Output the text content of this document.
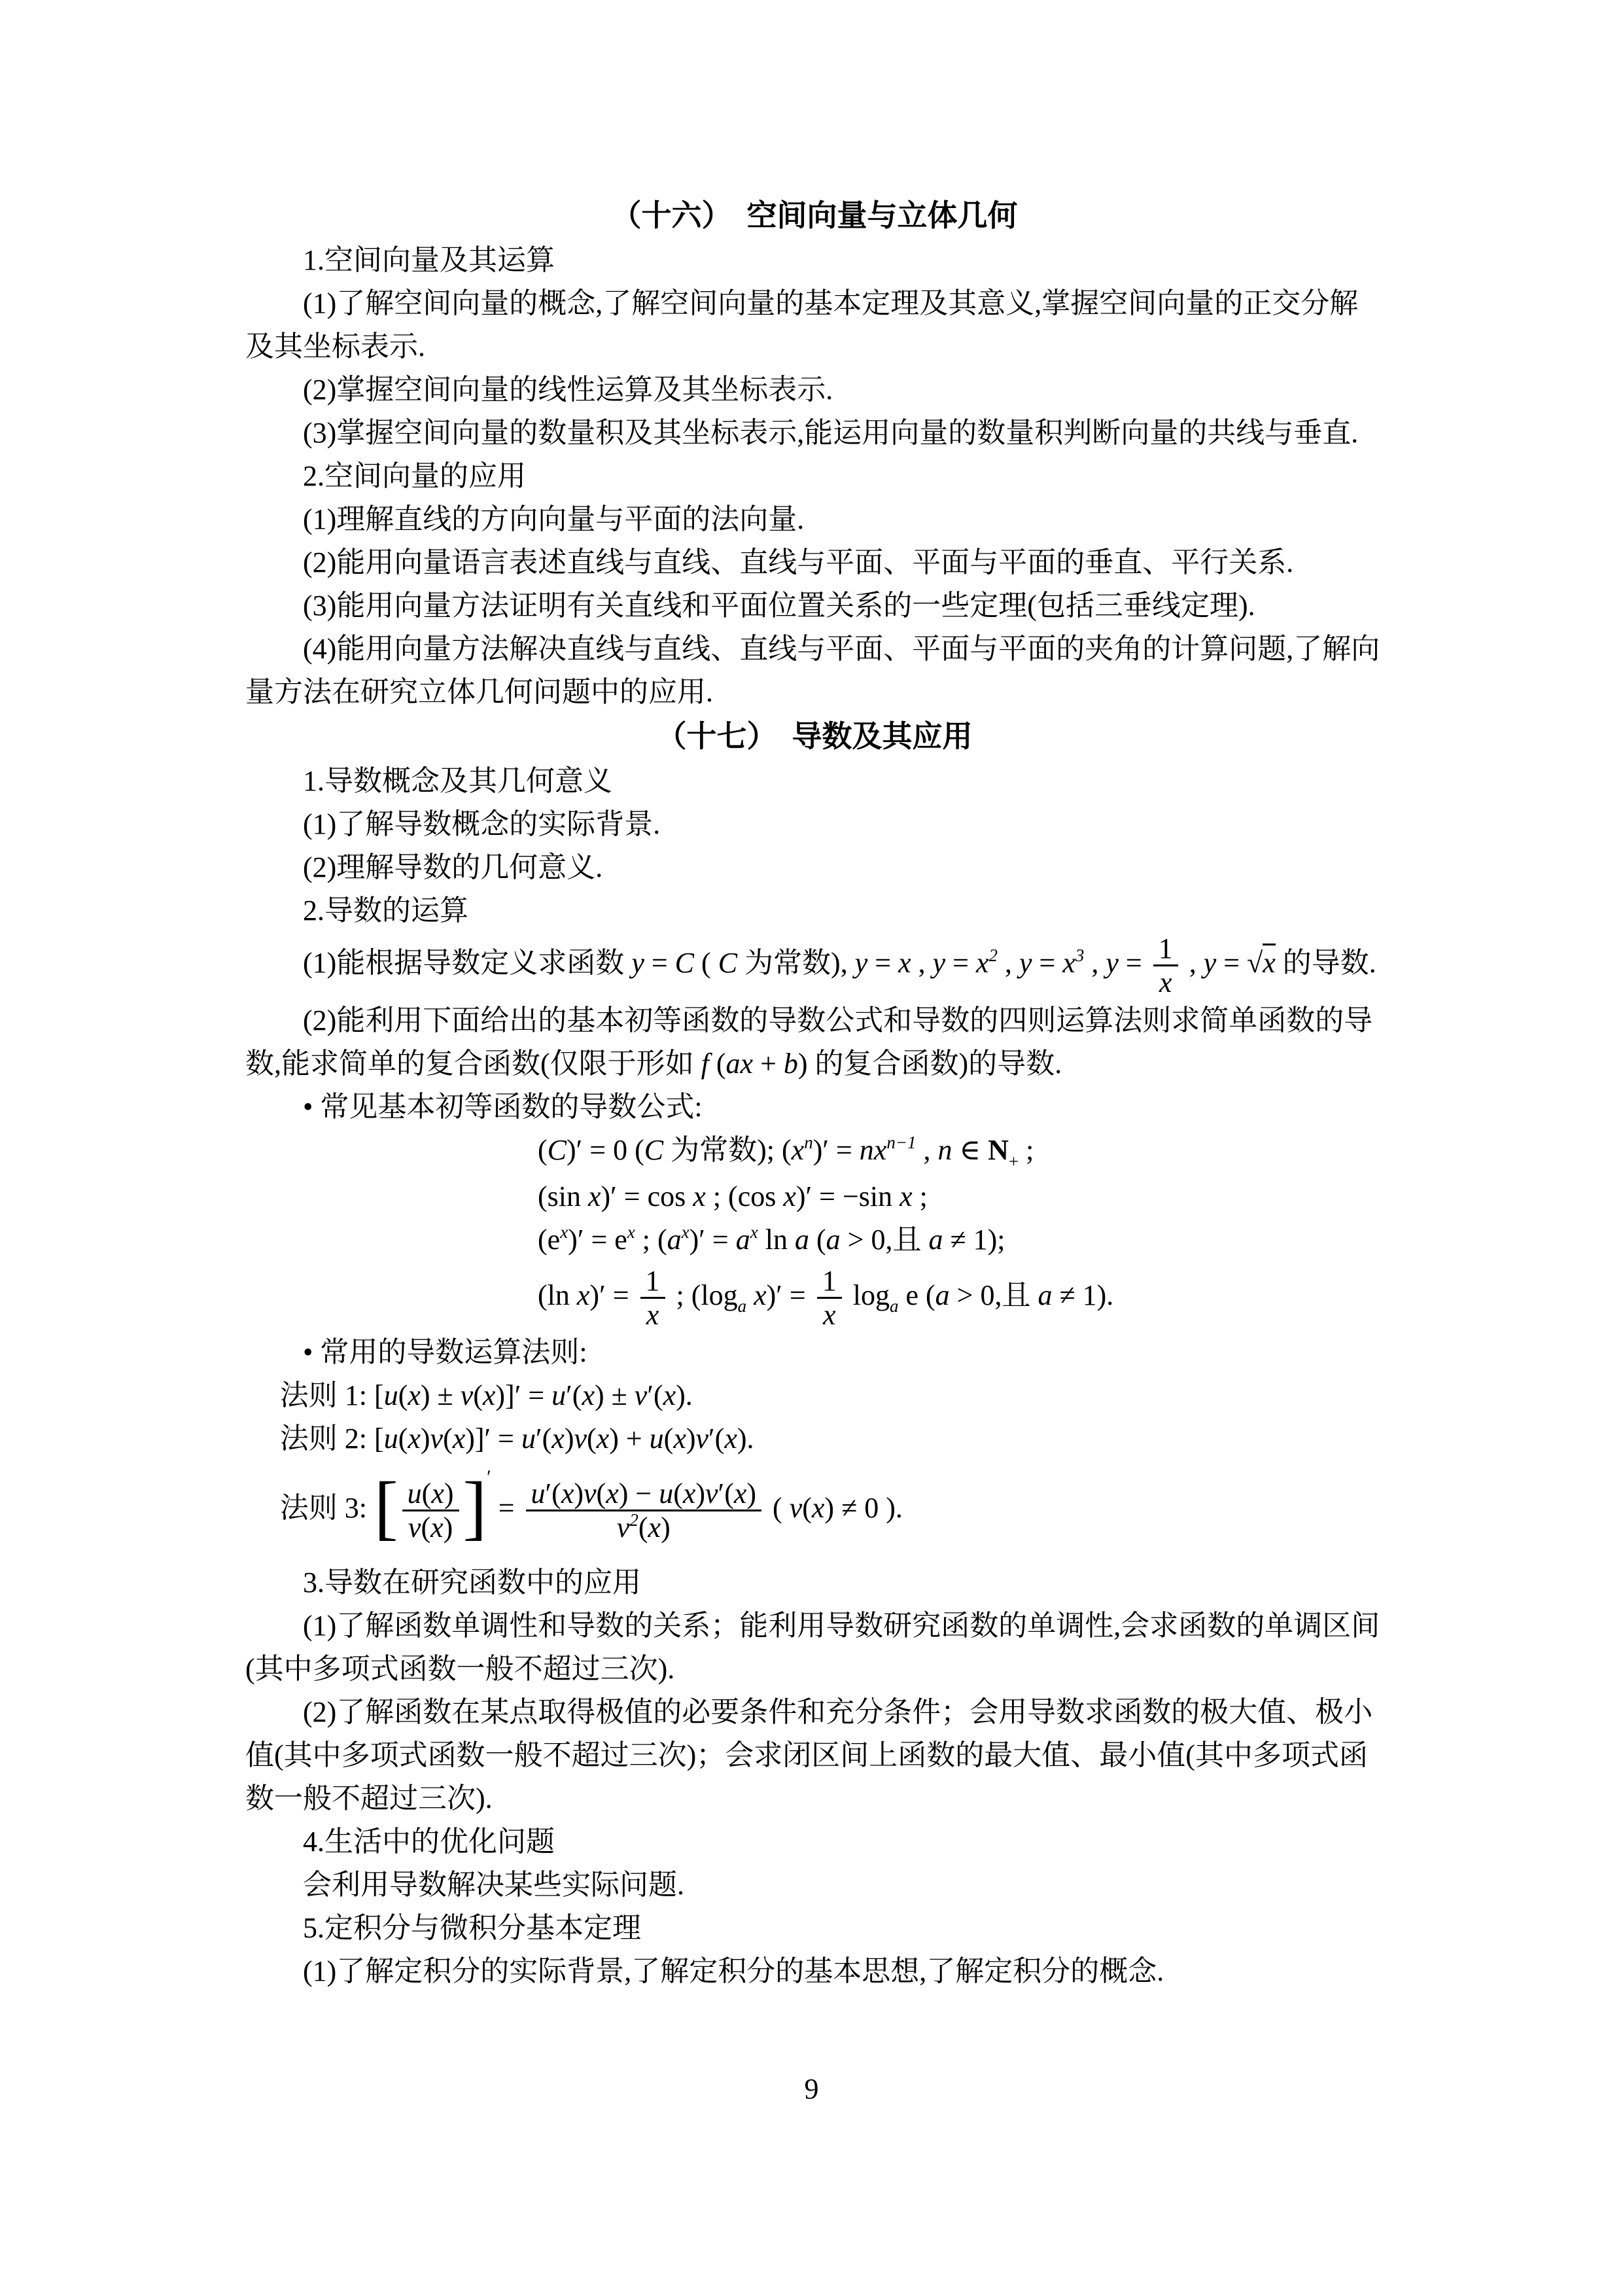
（十六）　空间向量与立体几何
1.空间向量及其运算
(1)了解空间向量的概念,了解空间向量的基本定理及其意义,掌握空间向量的正交分解及其坐标表示.
(2)掌握空间向量的线性运算及其坐标表示.
(3)掌握空间向量的数量积及其坐标表示,能运用向量的数量积判断向量的共线与垂直.
2.空间向量的应用
(1)理解直线的方向向量与平面的法向量.
(2)能用向量语言表述直线与直线、直线与平面、平面与平面的垂直、平行关系.
(3)能用向量方法证明有关直线和平面位置关系的一些定理(包括三垂线定理).
(4)能用向量方法解决直线与直线、直线与平面、平面与平面的夹角的计算问题,了解向量方法在研究立体几何问题中的应用.
（十七）　导数及其应用
1.导数概念及其几何意义
(1)了解导数概念的实际背景.
(2)理解导数的几何意义.
2.导数的运算
(1)能根据导数定义求函数 y = C ( C 为常数), y = x , $y = x^2$ , $y = x^3$ , $y = \frac{1}{x}$ , y = √x 的导数.
(2)能利用下面给出的基本初等函数的导数公式和导数的四则运算法则求简单函数的导数,能求简单的复合函数(仅限于形如 f (ax + b) 的复合函数)的导数.
• 常见基本初等函数的导数公式:
(C)′ = 0 (C 为常数); $(x^n)' = nx^{n-1}$ , n ∈ $N_+$ ;
(sin x)′ = cos x ; (cos x)′ = −sin x ;
$(e^x)' = e^x$ ; $(a^x)' = a^x$ ln a (a > 0,且 a ≠ 1);
(ln $x)' = \frac{1}{x}$ ; ($\log_a$ $x)' = \frac{1}{x} \log_a e$ (a > 0,且 a ≠ 1).
• 常用的导数运算法则:
法则 1: [u(x) ± v(x)]′ = u′(x) ± v′(x).
法则 2: [u(x)v(x)]′ = u′(x)v(x) + u(x)v′(x).
法则 3: [ $\frac{u(x)}{v(x)} ]' = \frac{u'(x)v(x) - u(x)v'(x)}{v^2(x)}$ ( v(x) ≠ 0 ).
3.导数在研究函数中的应用
(1)了解函数单调性和导数的关系；能利用导数研究函数的单调性,会求函数的单调区间(其中多项式函数一般不超过三次).
(2)了解函数在某点取得极值的必要条件和充分条件；会用导数求函数的极大值、极小值(其中多项式函数一般不超过三次)；会求闭区间上函数的最大值、最小值(其中多项式函数一般不超过三次).
4.生活中的优化问题
会利用导数解决某些实际问题.
5.定积分与微积分基本定理
(1)了解定积分的实际背景,了解定积分的基本思想,了解定积分的概念.
9
